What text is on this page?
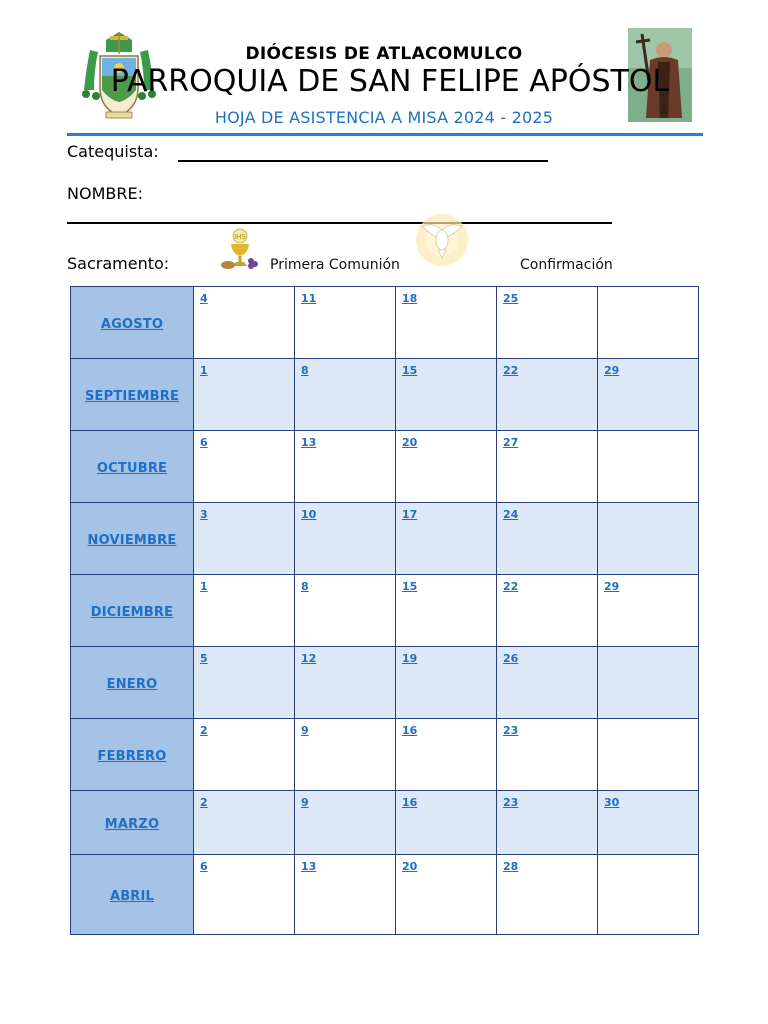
DIÓCESIS DE ATLACOMULCO
PARROQUIA DE SAN FELIPE APÓSTOL
HOJA DE ASISTENCIA A MISA 2024 - 2025
Catequista:
NOMBRE:
Sacramento:
IHS
Primera Comunión	Confirmación
AGOSTO	4	11	18	25	
SEPTIEMBRE	1	8	15	22	29
OCTUBRE	6	13	20	27	
NOVIEMBRE	3	10	17	24	
DICIEMBRE	1	8	15	22	29
ENERO	5	12	19	26	
FEBRERO	2	9	16	23	
MARZO	2	9	16	23	30
ABRIL	6	13	20	28	
